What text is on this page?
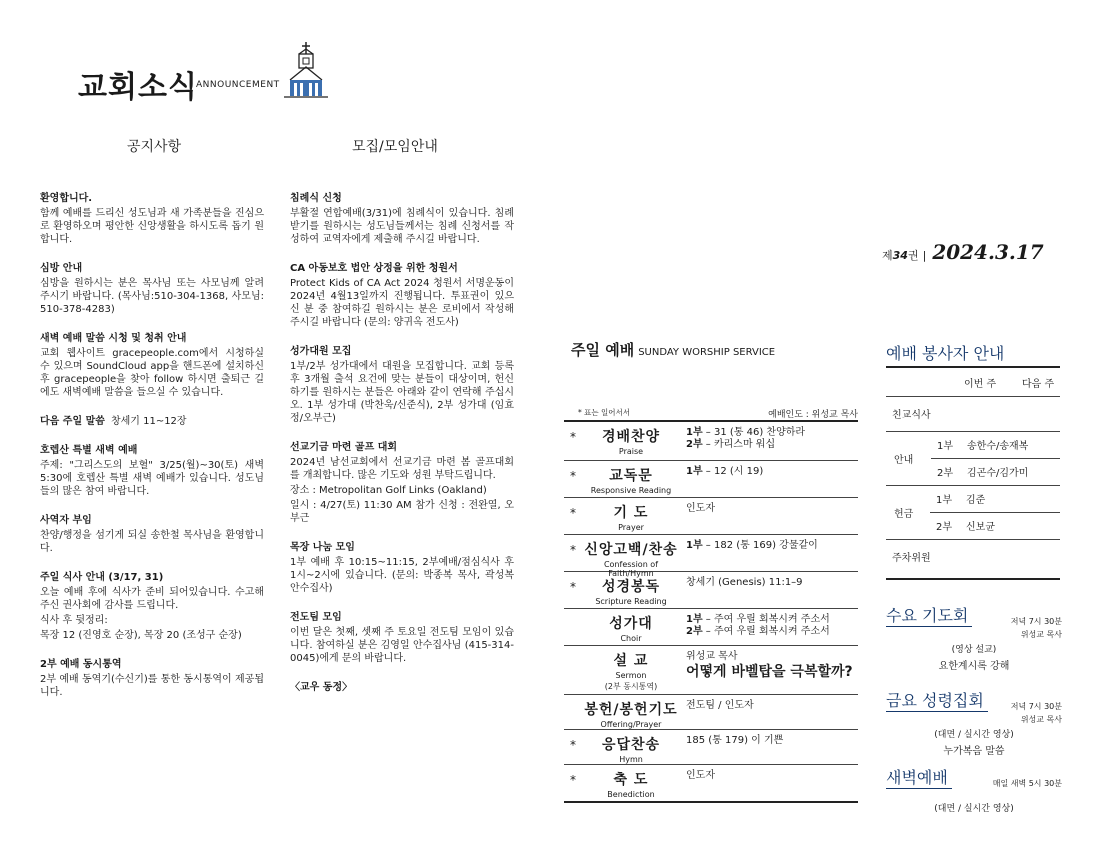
교회소식
ANNOUNCEMENT
공지사항	모집/모임안내
환영합니다.

함께 예배를 드리신 성도님과 새 가족분들을 진심으로 환영하오며 평안한 신앙생활을 하시도록 돕기 원합니다.

심방 안내

심방을 원하시는 분은 목사님 또는 사모님께 알려 주시기 바랍니다. (목사님:510-304-1368, 사모님: 510-378-4283)

새벽 예배 말씀 시청 및 청취 안내

교회 웹사이트 gracepeople.com에서 시청하실 수 있으며 SoundCloud app을 핸드폰에 설치하신 후 gracepeople을 찾아 follow 하시면 출퇴근 길에도 새벽예배 말씀을 들으실 수 있습니다.

다음 주일 말씀 창세기 11~12장
호렙산 특별 새벽 예배

주제: "그리스도의 보혈" 3/25(월)~30(토) 새벽 5:30에 호렙산 특별 새벽 예배가 있습니다. 성도님들의 많은 참여 바랍니다.

사역자 부임

찬양/행정을 섬기게 되실 송한철 목사님을 환영합니다.

주일 식사 안내 (3/17, 31)

오늘 예배 후에 식사가 준비 되어있습니다. 수고해주신 권사회에 감사를 드립니다.

식사 후 뒷정리:

목장 12 (진영호 순장), 목장 20 (조성구 순장)

2부 예배 동시통역

2부 예배 동역기(수신기)를 통한 동시통역이 제공됩니다.

침례식 신청

부활절 연합예배(3/31)에 침례식이 있습니다. 침례 받기를 원하시는 성도님들께서는 침례 신청서를 작성하여 교역자에게 제출해 주시길 바랍니다.

CA 아동보호 법안 상정을 위한 청원서

Protect Kids of CA Act 2024 청원서 서명운동이 2024년 4월13일까지 진행됩니다. 투표권이 있으신 분 중 참여하길 원하시는 분은 로비에서 작성해 주시길 바랍니다 (문의: 양귀옥 전도사)

성가대원 모집

1부/2부 성가대에서 대원을 모집합니다. 교회 등록 후 3개월 출석 요건에 맞는 분들이 대상이며, 헌신하기를 원하시는 분들은 아래와 같이 연락해 주십시오. 1부 성가대 (박찬욱/신준식), 2부 성가대 (임효정/오부근)

선교기금 마련 골프 대회

2024년 남선교회에서 선교기금 마련 봄 골프대회를 개최합니다. 많은 기도와 성원 부탁드립니다.

장소 : Metropolitan Golf Links (Oakland)

일시 : 4/27(토) 11:30 AM 참가 신청 : 전완열, 오부근

목장 나눔 모임

1부 예배 후 10:15~11:15, 2부예배/점심식사 후 1시~2시에 있습니다. (문의: 박종복 목사, 곽성복 안수집사)

전도팀 모임

이번 달은 첫째, 셋째 주 토요일 전도팀 모임이 있습니다. 참여하실 분은 김영일 안수집사님 (415-314-0045)에게 문의 바랍니다.

〈교우 동정〉
제 34 권 | 2024.3.17
주일 예배 SUNDAY WORSHIP SERVICE
* 표는 일어서서	예배인도 : 위성교 목사
*	경배찬양
Praise
1부 – 31 (통 46) 찬양하라
2부 – 카리스마 워십
*	교독문
Responsive Reading
1부 – 12 (시 19)
*	기 도
Prayer
인도자
* 신앙고백/찬송
Confession of Faith/Hymn
1부 – 182 (통 169) 강물같이
*	성경봉독
Scripture Reading
창세기 (Genesis) 11:1–9
성가대
Choir
1부 – 주여 우릴 회복시켜 주소서
2부 – 주여 우릴 회복시켜 주소서
설 교
Sermon
(2부 동시통역)
위성교 목사
어떻게 바벨탑을 극복할까?
봉헌/봉헌기도
Offering/Prayer
전도팀 / 인도자
*	응답찬송
Hymn
185 (통 179) 이 기쁜
*	축 도
Benediction
인도자
예배 봉사자 안내
이번 주	다음 주
친교식사
안내
1부	송한수/송재복
2부	김곤수/김가미
헌금
1부	김준
2부	신보균
주차위원
수요 기도회	저녁 7시 30분
위성교 목사
(영상 설교)
요한계시록 강해
금요 성령집회	저녁 7시 30분
위성교 목사
(대면 / 실시간 영상)
누가복음 말씀
새벽예배	매일 새벽 5시 30분
(대면 / 실시간 영상)
